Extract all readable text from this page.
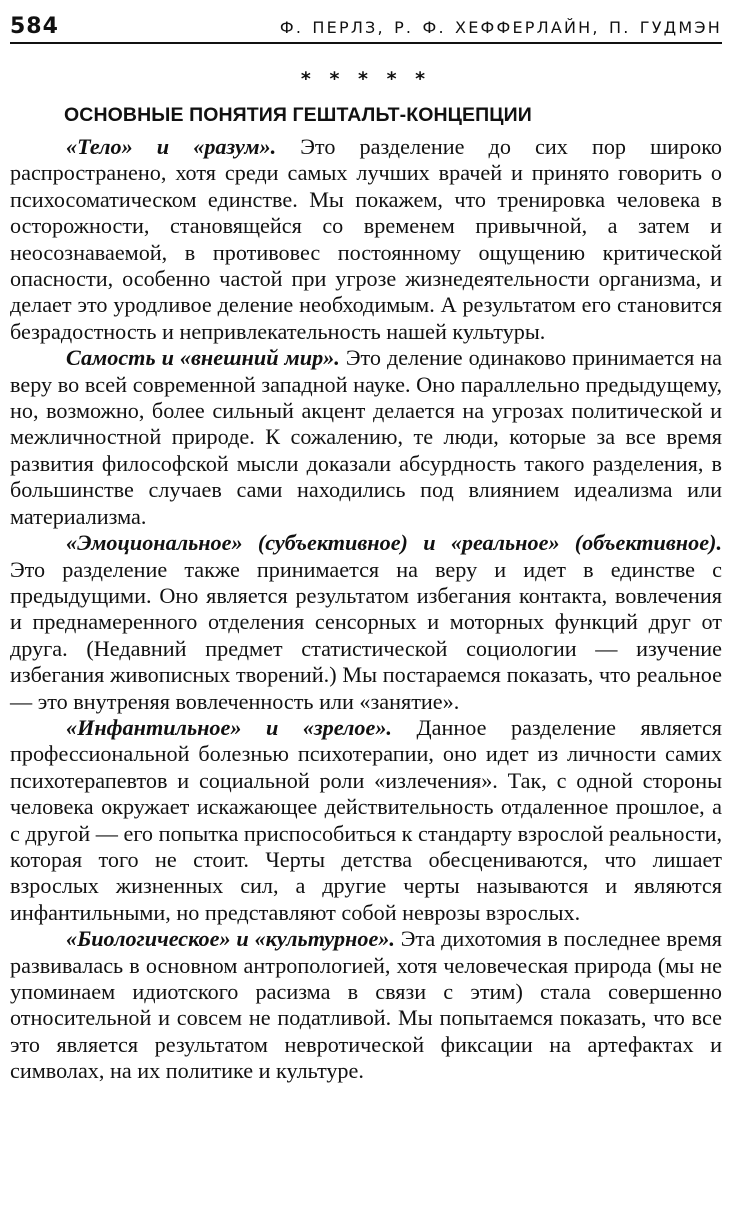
584	Ф. ПЕРЛЗ, Р. Ф. ХЕФФЕРЛАЙН, П. ГУДМЭН
* * * * *
ОСНОВНЫЕ ПОНЯТИЯ ГЕШТАЛЬТ-КОНЦЕПЦИИ

«Тело» и «разум». Это разделение до сих пор широко распространено, хотя среди самых лучших врачей и принято говорить о психосоматическом единстве. Мы покажем, что тренировка человека в осторожности, становящейся со временем привычной, а затем и неосознаваемой, в противовес постоянному ощущению критической опасности, особенно частой при угрозе жизнедеятельности организма, и делает это уродливое деление необходимым. А результатом его становится безрадостность и непривлекательность нашей культуры.

Самость и «внешний мир». Это деление одинаково принимается на веру во всей современной западной науке. Оно параллельно предыдущему, но, возможно, более сильный акцент делается на угрозах политической и межличностной природе. К сожалению, те люди, которые за все время развития философской мысли доказали абсурдность такого разделения, в большинстве случаев сами находились под влиянием идеализма или материализма.

«Эмоциональное» (субъективное) и «реальное» (объективное). Это разделение также принимается на веру и идет в единстве с предыдущими. Оно является результатом избегания контакта, вовлечения и преднамеренного отделения сенсорных и моторных функций друг от друга. (Недавний предмет статистической социологии — изучение избегания живописных творений.) Мы постараемся показать, что реальное — это внутреняя вовлеченность или «занятие».

«Инфантильное» и «зрелое». Данное разделение является профессиональной болезнью психотерапии, оно идет из личности самих психотерапевтов и социальной роли «излечения». Так, с одной стороны человека окружает искажающее действительность отдаленное прошлое, а с другой — его попытка приспособиться к стандарту взрослой реальности, которая того не стоит. Черты детства обесцениваются, что лишает взрослых жизненных сил, а другие черты называются и являются инфантильными, но представляют собой неврозы взрослых.

«Биологическое» и «культурное». Эта дихотомия в последнее время развивалась в основном антропологией, хотя человеческая природа (мы не упоминаем идиотского расизма в связи с этим) стала совершенно относительной и совсем не податливой. Мы попытаемся показать, что все это является результатом невротической фиксации на артефактах и символах, на их политике и культуре.
